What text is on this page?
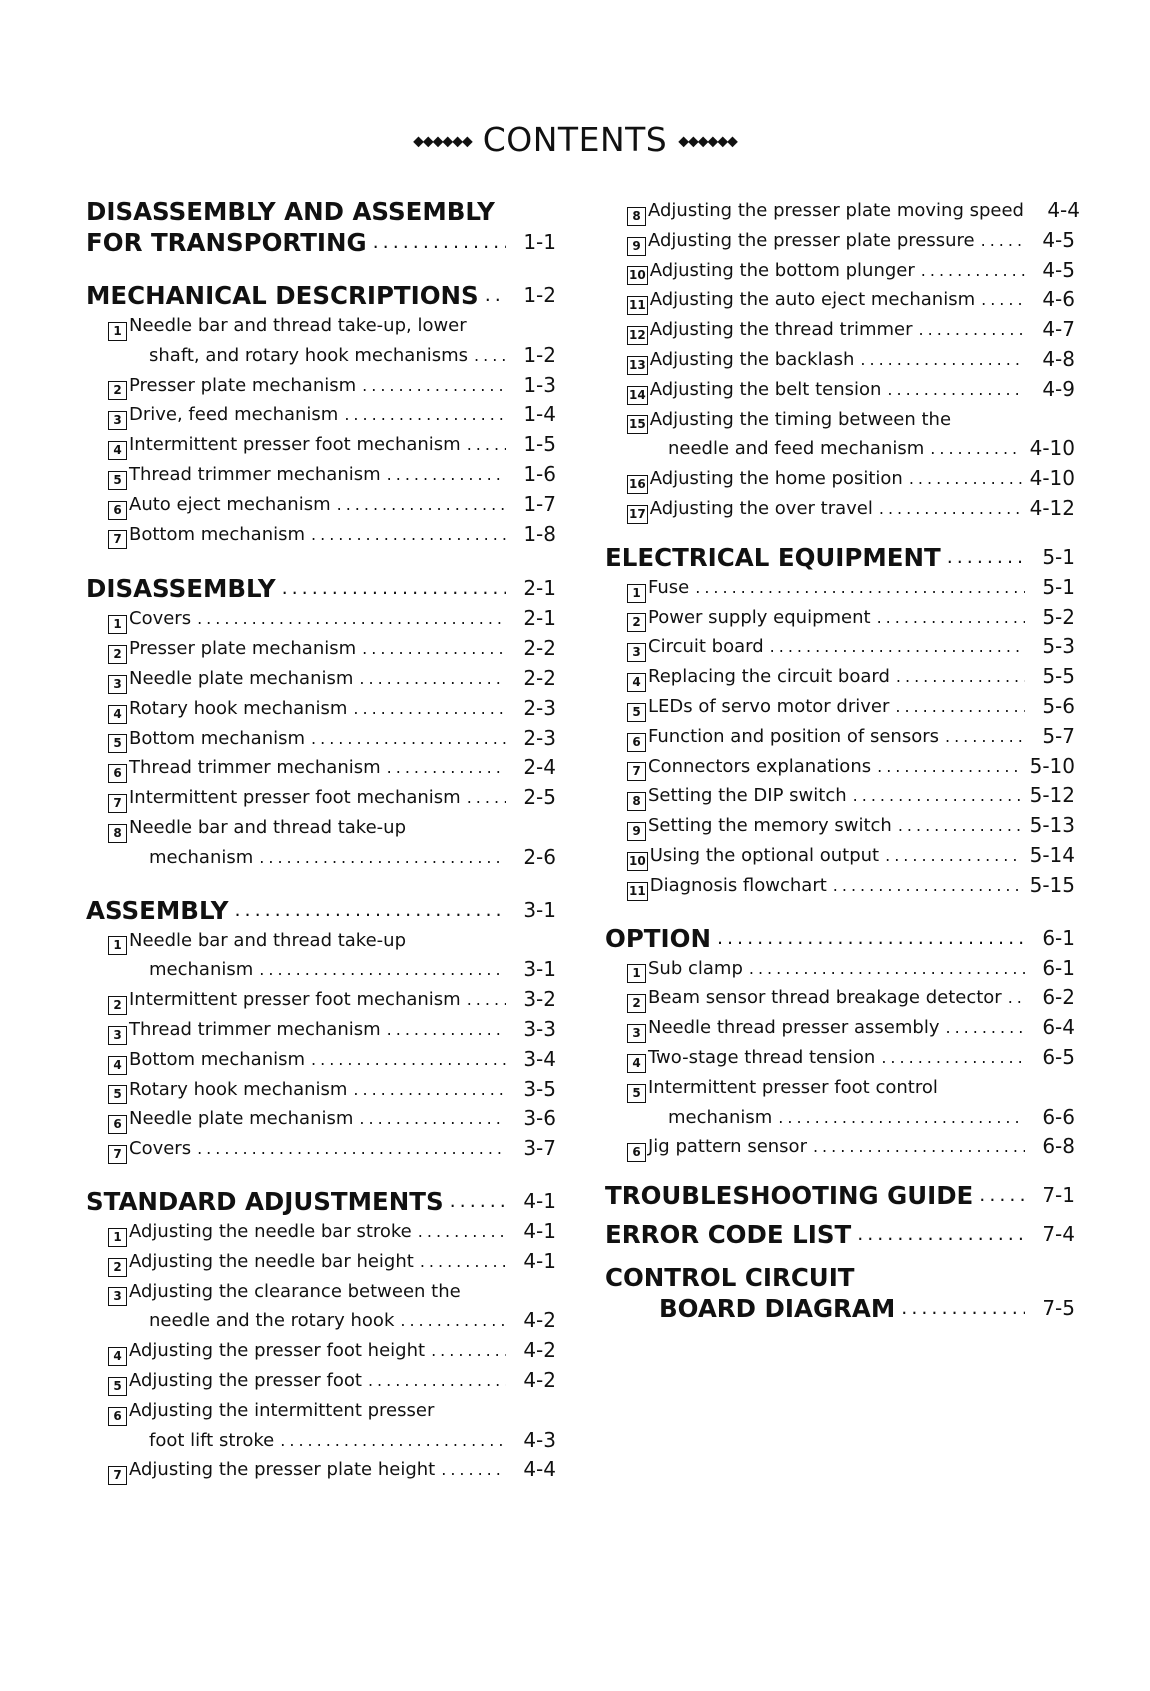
◆◆◆◆◆◆ CONTENTS ◆◆◆◆◆◆
DISASSEMBLY AND ASSEMBLY
FOR TRANSPORTING .....	1-1
MECHANICAL DESCRIPTIONS .....	1-2
1 Needle bar and thread take-up, lower
shaft, and rotary hook mechanisms .....	1-2
2 Presser plate mechanism .....	1-3
3 Drive, feed mechanism .....	1-4
4 Intermittent presser foot mechanism .....	1-5
5 Thread trimmer mechanism .....	1-6
6 Auto eject mechanism .....	1-7
7 Bottom mechanism .....	1-8
DISASSEMBLY .....	2-1
1 Covers .....	2-1
2 Presser plate mechanism .....	2-2
3 Needle plate mechanism .....	2-2
4 Rotary hook mechanism .....	2-3
5 Bottom mechanism .....	2-3
6 Thread trimmer mechanism .....	2-4
7 Intermittent presser foot mechanism .....	2-5
8 Needle bar and thread take-up
mechanism .....	2-6
ASSEMBLY .....	3-1
1 Needle bar and thread take-up
mechanism .....	3-1
2 Intermittent presser foot mechanism .....	3-2
3 Thread trimmer mechanism .....	3-3
4 Bottom mechanism .....	3-4
5 Rotary hook mechanism .....	3-5
6 Needle plate mechanism .....	3-6
7 Covers .....	3-7
STANDARD ADJUSTMENTS .....	4-1
1 Adjusting the needle bar stroke .....	4-1
2 Adjusting the needle bar height .....	4-1
3 Adjusting the clearance between the
needle and the rotary hook .....	4-2
4 Adjusting the presser foot height .....	4-2
5 Adjusting the presser foot .....	4-2
6 Adjusting the intermittent presser
foot lift stroke .....	4-3
7 Adjusting the presser plate height .....	4-4
8 Adjusting the presser plate moving speed	4-4
9 Adjusting the presser plate pressure .....	4-5
10 Adjusting the bottom plunger .....	4-5
11 Adjusting the auto eject mechanism .....	4-6
12 Adjusting the thread trimmer .....	4-7
13 Adjusting the backlash .....	4-8
14 Adjusting the belt tension .....	4-9
15 Adjusting the timing between the
needle and feed mechanism .....	4-10
16 Adjusting the home position .....	4-10
17 Adjusting the over travel .....	4-12
ELECTRICAL EQUIPMENT .....	5-1
1 Fuse .....	5-1
2 Power supply equipment .....	5-2
3 Circuit board .....	5-3
4 Replacing the circuit board .....	5-5
5 LEDs of servo motor driver .....	5-6
6 Function and position of sensors .....	5-7
7 Connectors explanations .....	5-10
8 Setting the DIP switch .....	5-12
9 Setting the memory switch .....	5-13
10 Using the optional output .....	5-14
11 Diagnosis flowchart .....	5-15
OPTION .....	6-1
1 Sub clamp .....	6-1
2 Beam sensor thread breakage detector .....	6-2
3 Needle thread presser assembly .....	6-4
4 Two-stage thread tension .....	6-5
5 Intermittent presser foot control
mechanism .....	6-6
6 Jig pattern sensor .....	6-8
TROUBLESHOOTING GUIDE .....	7-1
ERROR CODE LIST .....	7-4
CONTROL CIRCUIT
BOARD DIAGRAM .....	7-5
